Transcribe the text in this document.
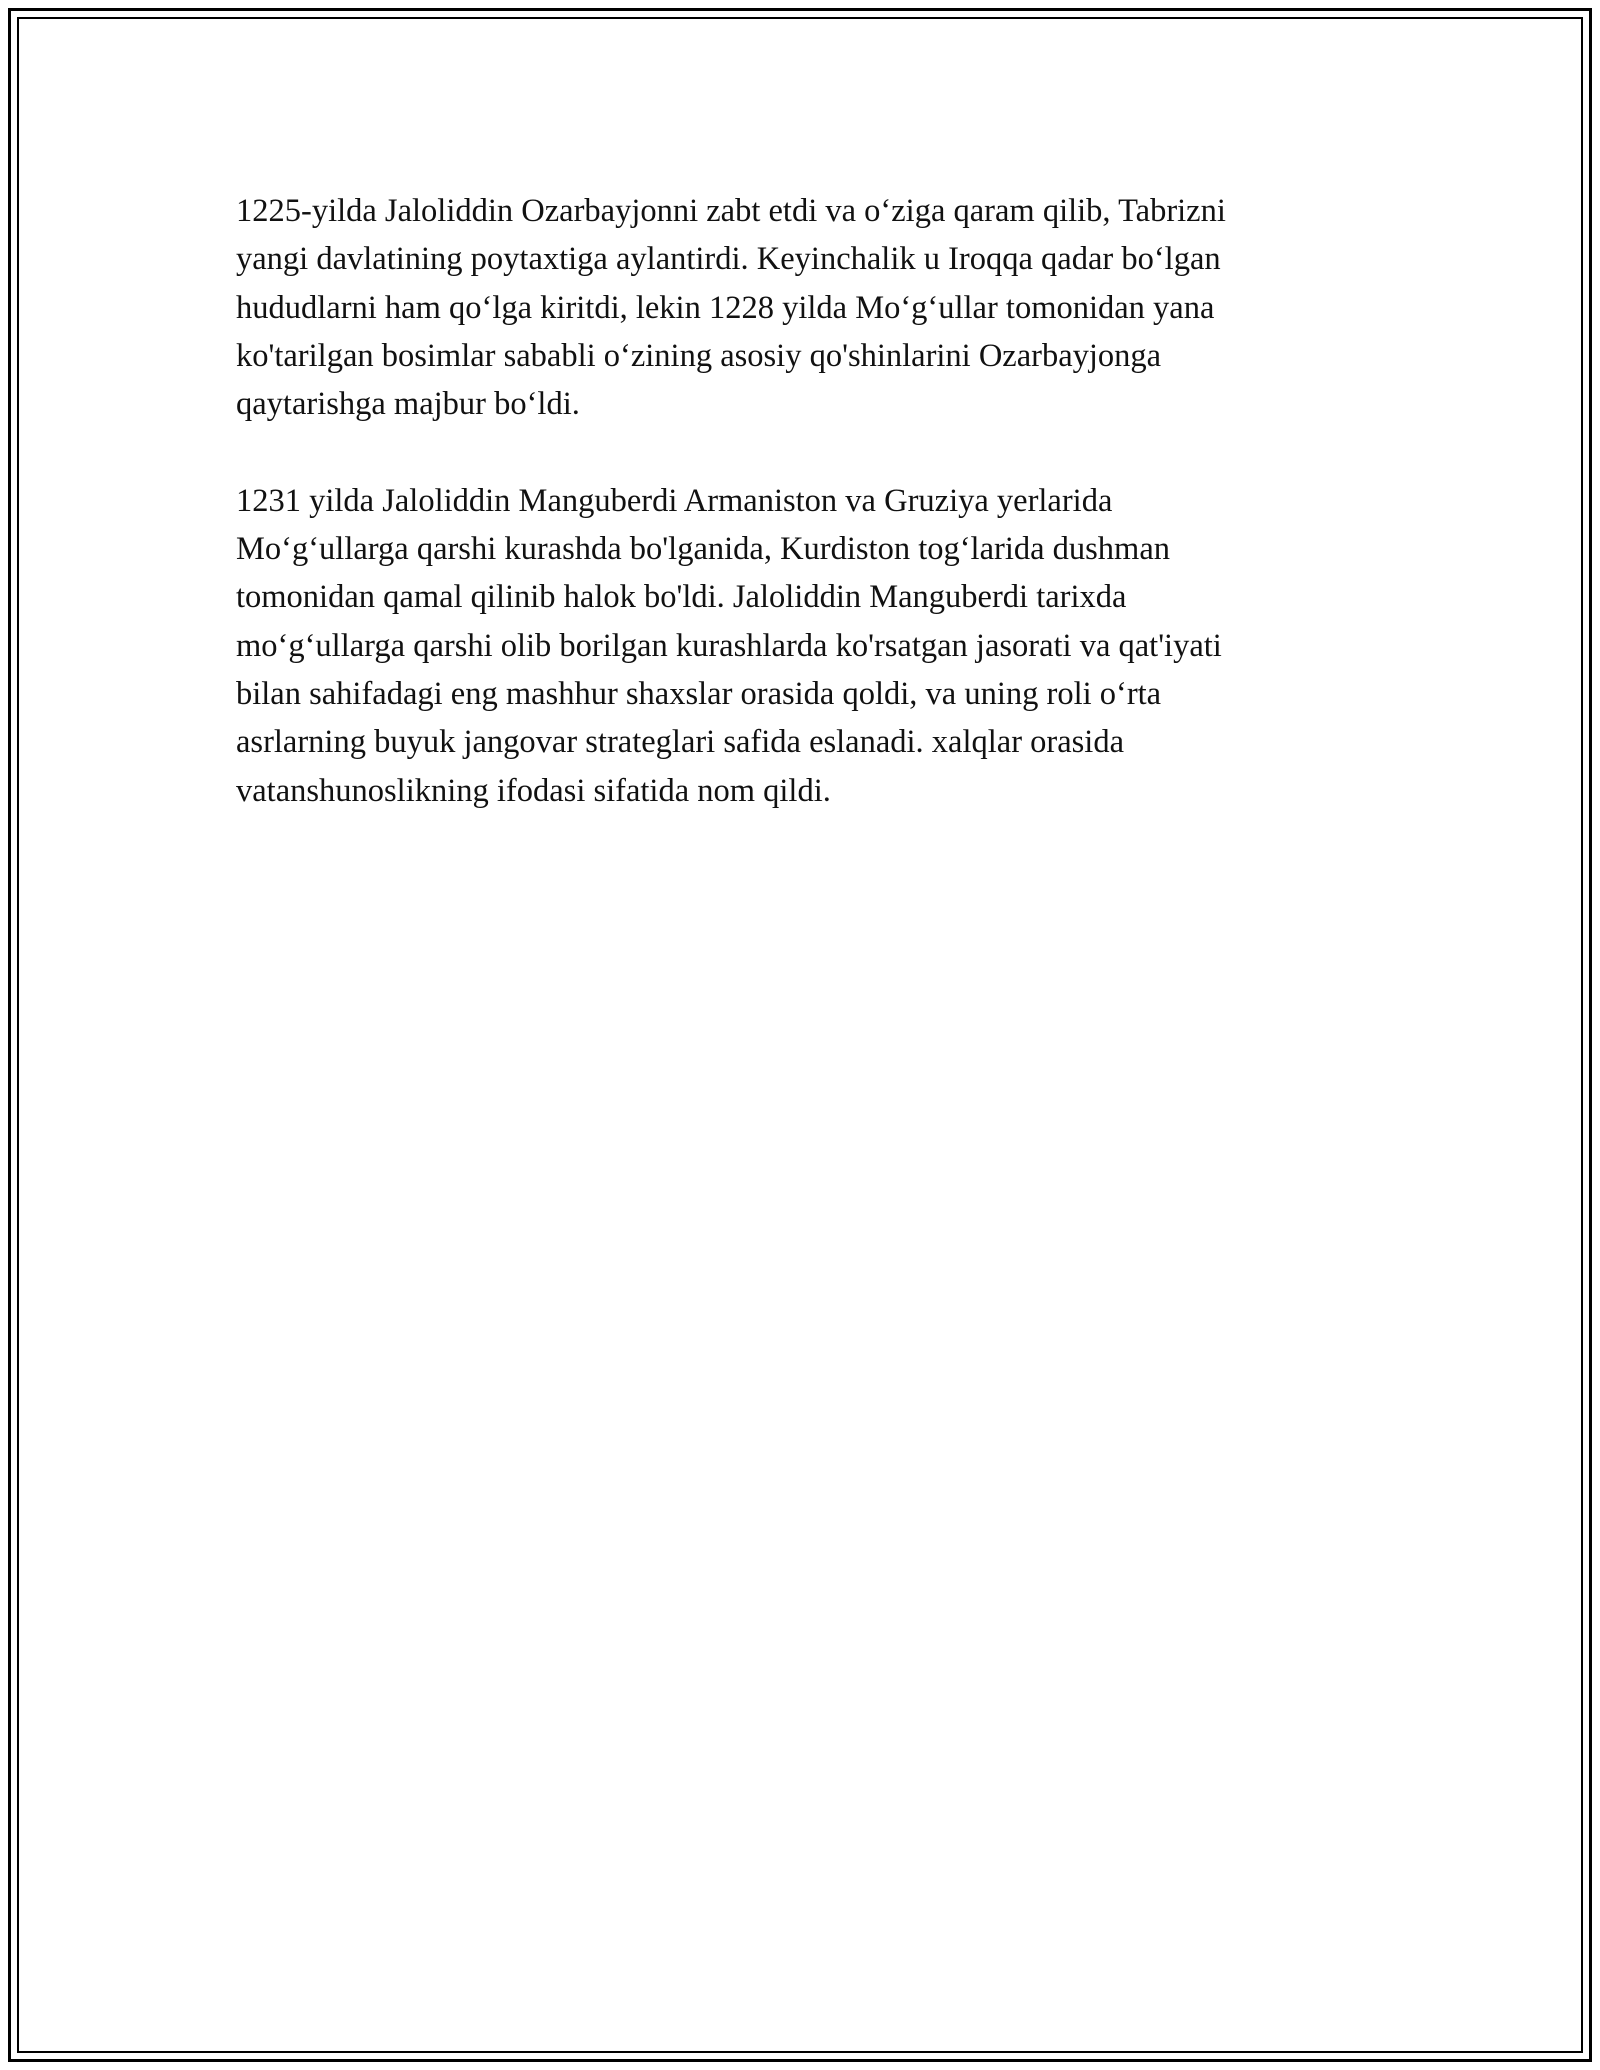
1225-yilda Jaloliddin Ozarbayjonni zabt etdi va o‘ziga qaram qilib, Tabrizni
yangi davlatining poytaxtiga aylantirdi. Keyinchalik u Iroqqa qadar bo‘lgan
hududlarni ham qo‘lga kiritdi, lekin 1228 yilda Mo‘g‘ullar tomonidan yana
ko'tarilgan bosimlar sababli o‘zining asosiy qo'shinlarini Ozarbayjonga
qaytarishga majbur bo‘ldi.

1231 yilda Jaloliddin Manguberdi Armaniston va Gruziya yerlarida
Mo‘g‘ullarga qarshi kurashda bo'lganida, Kurdiston tog‘larida dushman
tomonidan qamal qilinib halok bo'ldi. Jaloliddin Manguberdi tarixda
mo‘g‘ullarga qarshi olib borilgan kurashlarda ko'rsatgan jasorati va qat'iyati
bilan sahifadagi eng mashhur shaxslar orasida qoldi, va uning roli o‘rta
asrlarning buyuk jangovar strateglari safida eslanadi. xalqlar orasida
vatanshunoslikning ifodasi sifatida nom qildi.
